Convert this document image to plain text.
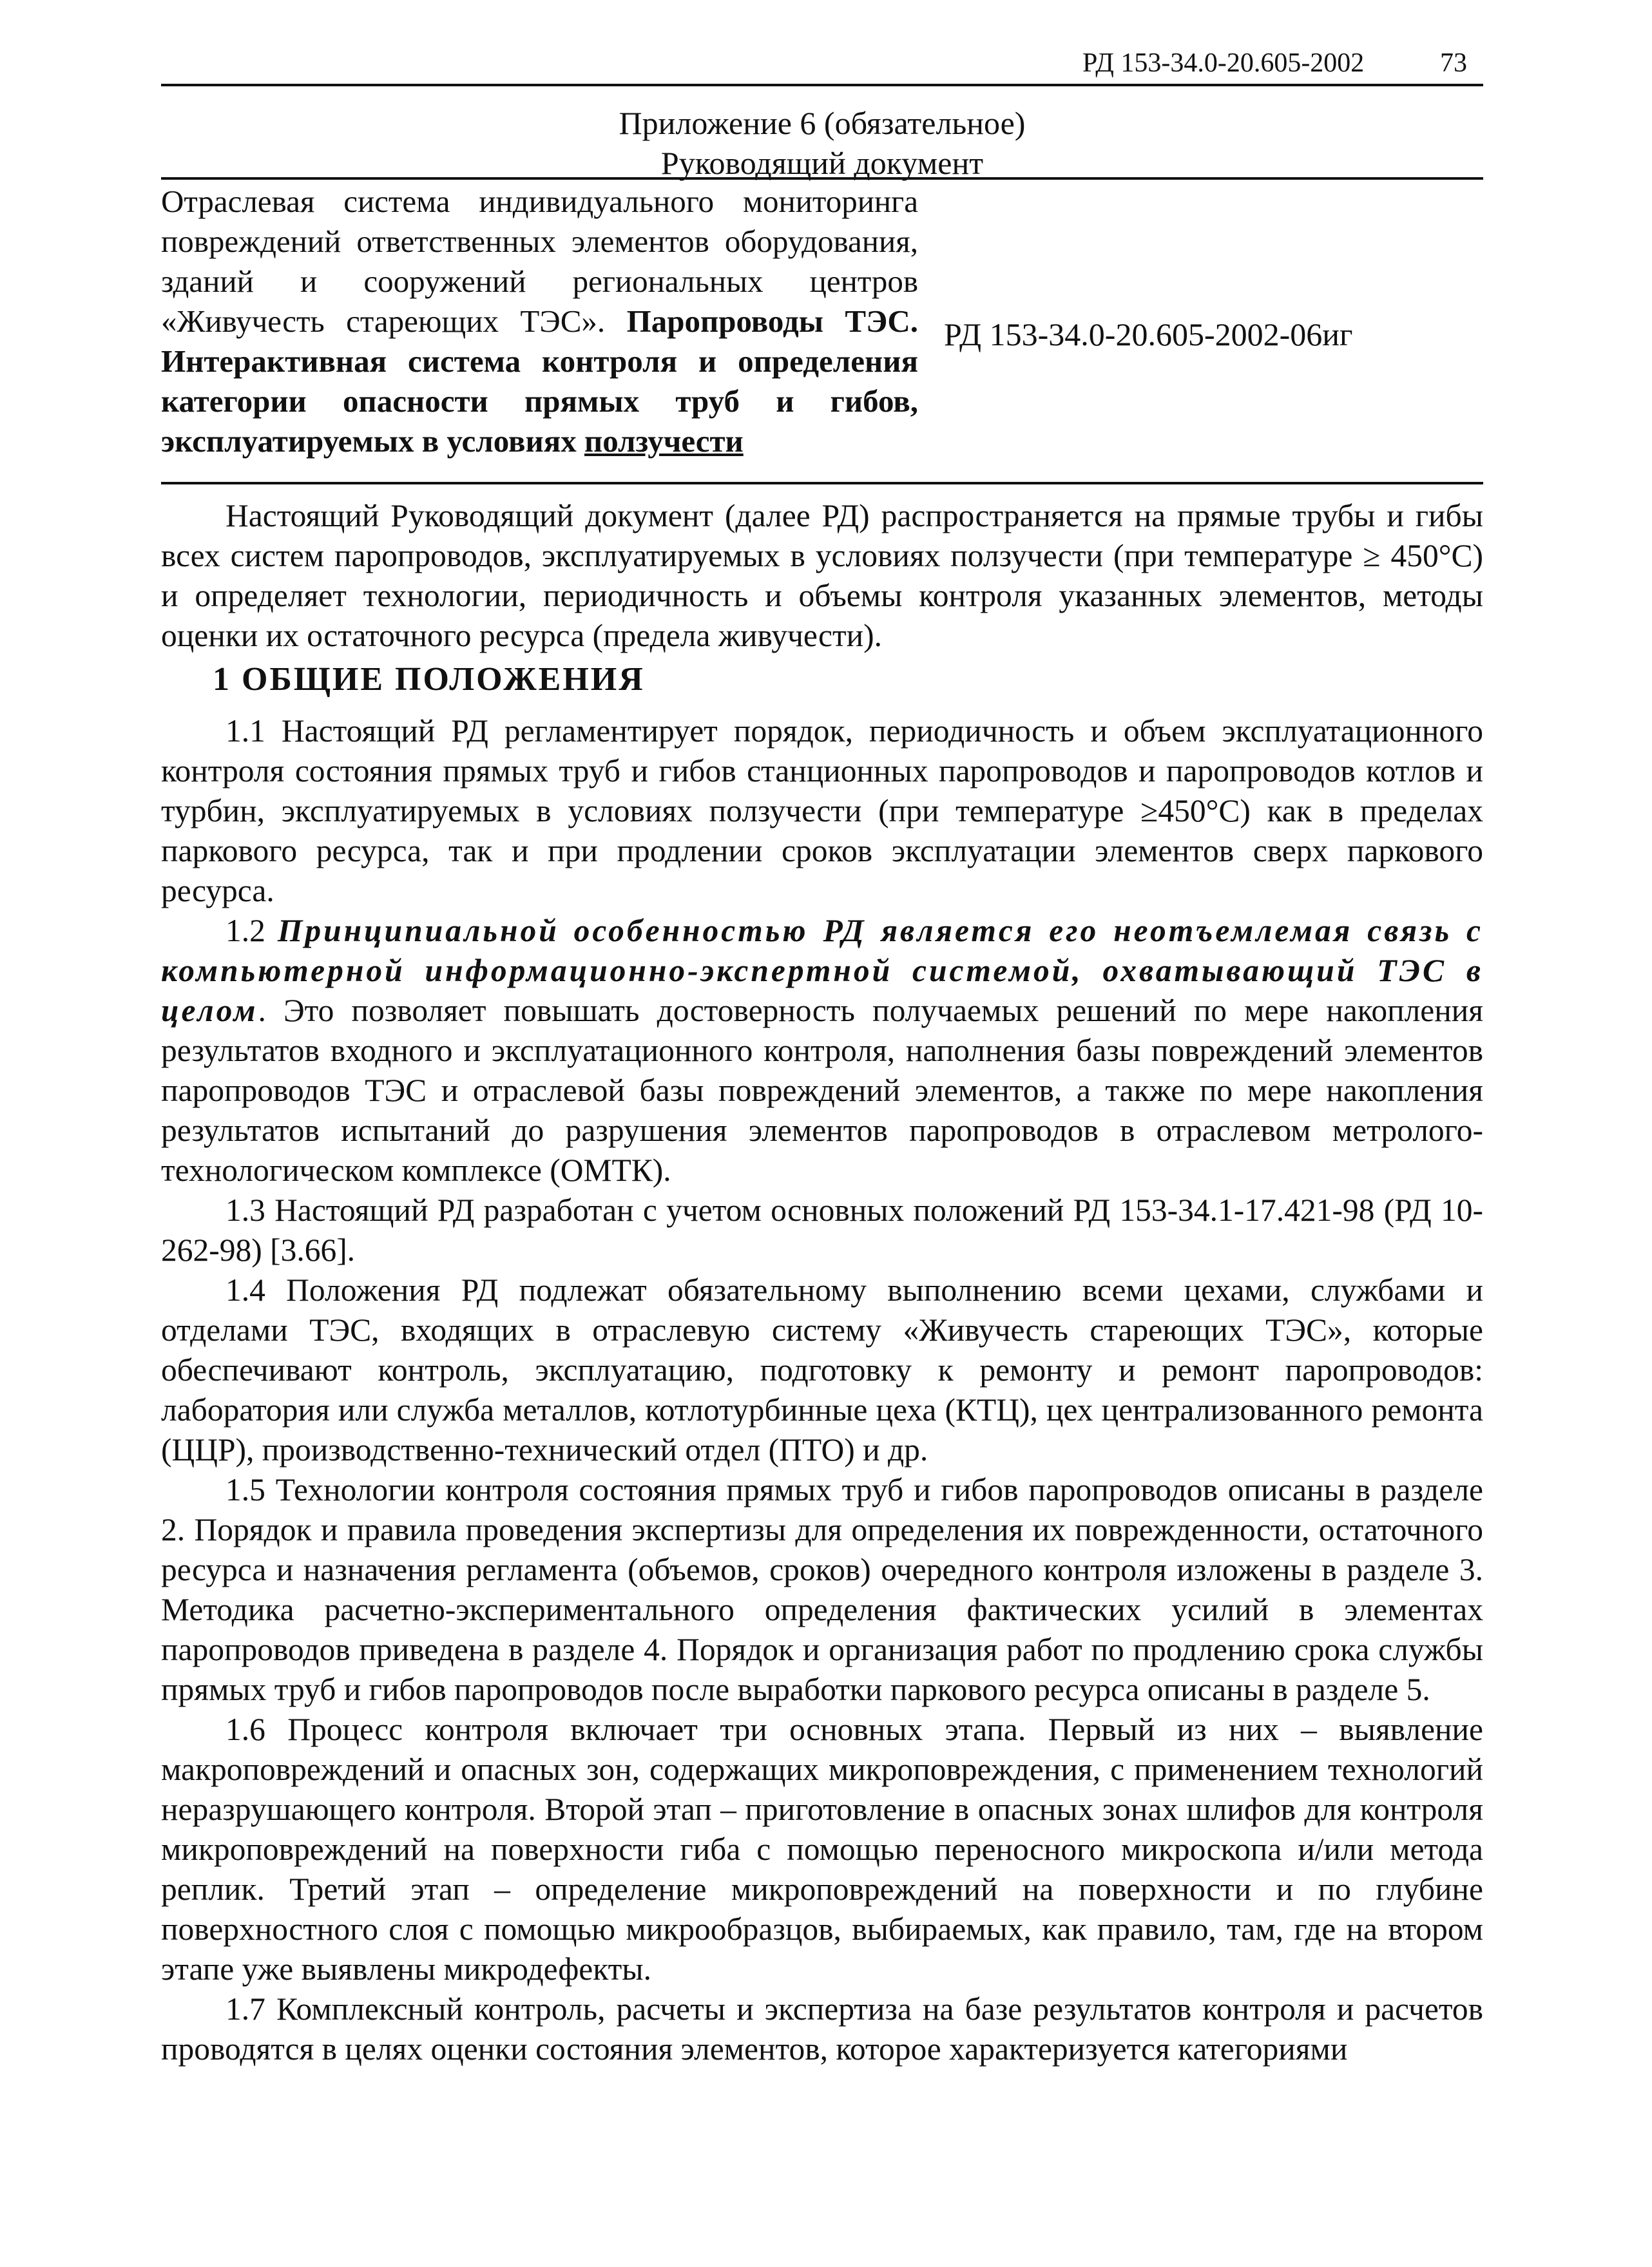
РД 153-34.0-20.605-2002	73
Приложение 6 (обязательное)
Руководящий документ
Отраслевая система индивидуального мониторинга повреждений ответственных элементов оборудования, зданий и сооружений региональных центров «Живучесть стареющих ТЭС». Паропроводы ТЭС. Интерактивная система контроля и определения категории опасности прямых труб и гибов, эксплуатируемых в условиях ползучести
РД 153-34.0-20.605-2002-06иг

Настоящий Руководящий документ (далее РД) распространяется на прямые трубы и гибы всех систем паропроводов, эксплуатируемых в условиях ползучести (при температуре ≥ 450°С) и определяет технологии, периодичность и объемы контроля указанных элементов, методы оценки их остаточного ресурса (предела живучести).

1 ОБЩИЕ ПОЛОЖЕНИЯ

1.1 Настоящий РД регламентирует порядок, периодичность и объем эксплуатационного контроля состояния прямых труб и гибов станционных паропроводов и паропроводов котлов и турбин, эксплуатируемых в условиях ползучести (при температуре ≥450°С) как в пределах паркового ресурса, так и при продлении сроков эксплуатации элементов сверх паркового ресурса.

1.2 Принципиальной особенностью РД является его неотъемлемая связь с компьютерной информационно-экспертной системой, охватывающий ТЭС в целом. Это позволяет повышать достоверность получаемых решений по мере накопления результатов входного и эксплуатационного контроля, наполнения базы повреждений элементов паропроводов ТЭС и отраслевой базы повреждений элементов, а также по мере накопления результатов испытаний до разрушения элементов паропроводов в отраслевом метролого-технологическом комплексе (ОМТК).

1.3 Настоящий РД разработан с учетом основных положений РД 153-34.1-17.421-98 (РД 10-262-98) [3.66].

1.4 Положения РД подлежат обязательному выполнению всеми цехами, службами и отделами ТЭС, входящих в отраслевую систему «Живучесть стареющих ТЭС», которые обеспечивают контроль, эксплуатацию, подготовку к ремонту и ремонт паропроводов: лаборатория или служба металлов, котлотурбинные цеха (КТЦ), цех централизованного ремонта (ЦЦР), производственно-технический отдел (ПТО) и др.

1.5 Технологии контроля состояния прямых труб и гибов паропроводов описаны в разделе 2. Порядок и правила проведения экспертизы для определения их поврежденности, остаточного ресурса и назначения регламента (объемов, сроков) очередного контроля изложены в разделе 3. Методика расчетно-экспериментального определения фактических усилий в элементах паропроводов приведена в разделе 4. Порядок и организация работ по продлению срока службы прямых труб и гибов паропроводов после выработки паркового ресурса описаны в разделе 5.

1.6 Процесс контроля включает три основных этапа. Первый из них – выявление макроповреждений и опасных зон, содержащих микроповреждения, с применением технологий неразрушающего контроля. Второй этап – приготовление в опасных зонах шлифов для контроля микроповреждений на поверхности гиба с помощью переносного микроскопа и/или метода реплик. Третий этап – определение микроповреждений на поверхности и по глубине поверхностного слоя с помощью микрообразцов, выбираемых, как правило, там, где на втором этапе уже выявлены микродефекты.

1.7 Комплексный контроль, расчеты и экспертиза на базе результатов контроля и расчетов проводятся в целях оценки состояния элементов, которое характеризуется категориями
